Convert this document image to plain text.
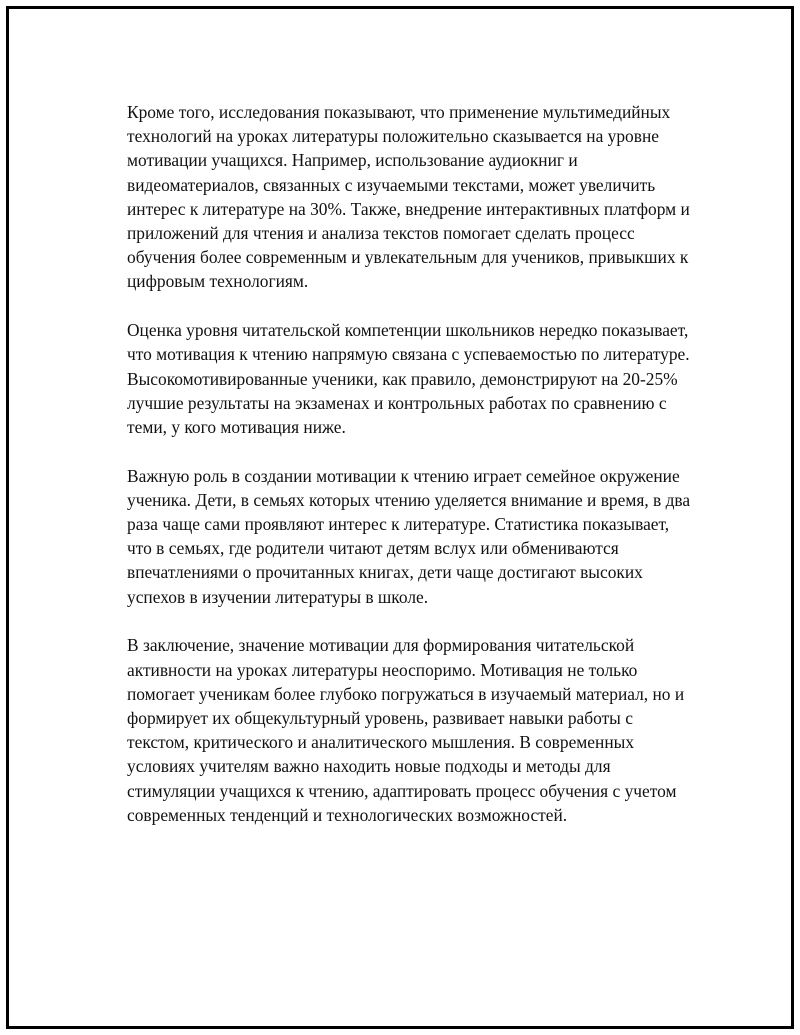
Кроме того, исследования показывают, что применение мультимедийных технологий на уроках литературы положительно сказывается на уровне мотивации учащихся. Например, использование аудиокниг и видеоматериалов, связанных с изучаемыми текстами, может увеличить интерес к литературе на 30%. Также, внедрение интерактивных платформ и приложений для чтения и анализа текстов помогает сделать процесс обучения более современным и увлекательным для учеников, привыкших к цифровым технологиям.

Оценка уровня читательской компетенции школьников нередко показывает, что мотивация к чтению напрямую связана с успеваемостью по литературе. Высокомотивированные ученики, как правило, демонстрируют на 20-25% лучшие результаты на экзаменах и контрольных работах по сравнению с теми, у кого мотивация ниже.

Важную роль в создании мотивации к чтению играет семейное окружение ученика. Дети, в семьях которых чтению уделяется внимание и время, в два раза чаще сами проявляют интерес к литературе. Статистика показывает, что в семьях, где родители читают детям вслух или обмениваются впечатлениями о прочитанных книгах, дети чаще достигают высоких успехов в изучении литературы в школе.

В заключение, значение мотивации для формирования читательской активности на уроках литературы неоспоримо. Мотивация не только помогает ученикам более глубоко погружаться в изучаемый материал, но и формирует их общекультурный уровень, развивает навыки работы с текстом, критического и аналитического мышления. В современных условиях учителям важно находить новые подходы и методы для стимуляции учащихся к чтению, адаптировать процесс обучения с учетом современных тенденций и технологических возможностей.
